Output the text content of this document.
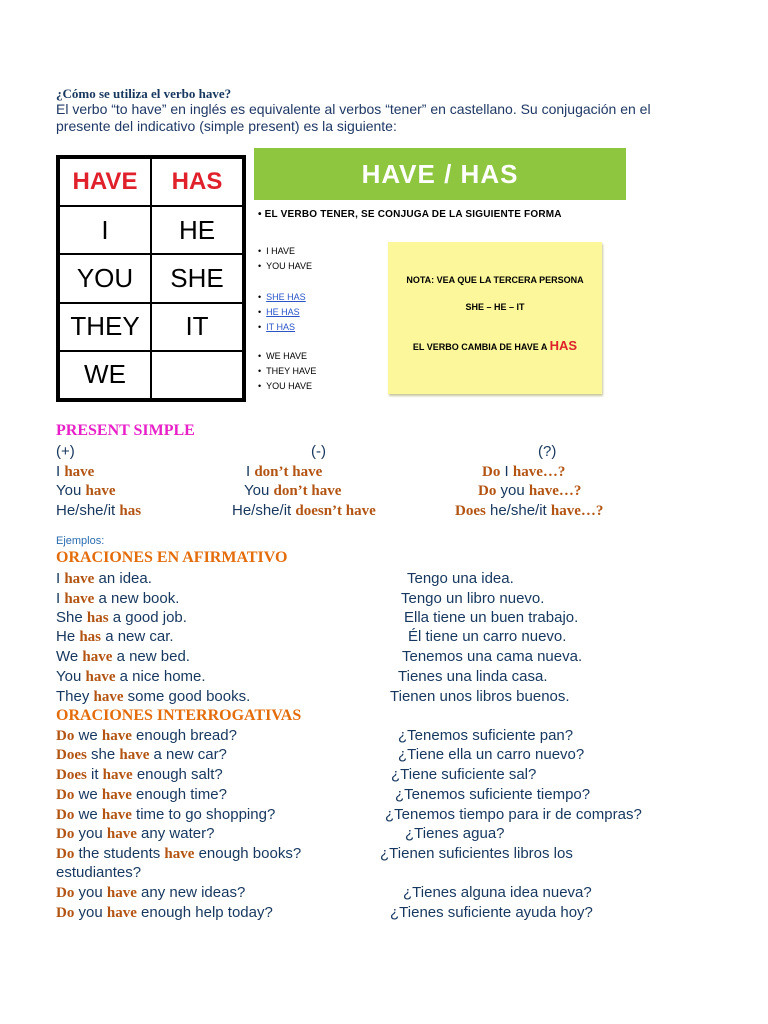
¿Cómo se utiliza el verbo have?
El verbo “to have” en inglés es equivalente al verbos “tener” en castellano. Su conjugación en el
presente del indicativo (simple present) es la siguiente:
HAVE	HAS
I	HE
YOU	SHE
THEY	IT
WE
HAVE / HAS
• EL VERBO TENER, SE CONJUGA DE LA SIGUIENTE FORMA
• I HAVE
• YOU HAVE
• SHE HAS
• HE HAS
• IT HAS
• WE HAVE
• THEY HAVE
• YOU HAVE
NOTA: VEA QUE LA TERCERA PERSONA
SHE – HE – IT
EL VERBO CAMBIA DE HAVE A HAS
PRESENT SIMPLE
(+)	(-)	(?)
I have	I don’t have	Do I have…?
You have	You don’t have	Do you have…?
He/she/it has	He/she/it doesn’t have	Does he/she/it have…?
Ejemplos:
ORACIONES EN AFIRMATIVO
I have an idea.	Tengo una idea.
I have a new book.	Tengo un libro nuevo.
She has a good job.	Ella tiene un buen trabajo.
He has a new car.	Él tiene un carro nuevo.
We have a new bed.	Tenemos una cama nueva.
You have a nice home.	Tienes una linda casa.
They have some good books.	Tienen unos libros buenos.
ORACIONES INTERROGATIVAS
Do we have enough bread?	¿Tenemos suficiente pan?
Does she have a new car?	¿Tiene ella un carro nuevo?
Does it have enough salt?	¿Tiene suficiente sal?
Do we have enough time?	¿Tenemos suficiente tiempo?
Do we have time to go shopping?	¿Tenemos tiempo para ir de compras?
Do you have any water?	¿Tienes agua?
Do the students have enough books?	¿Tienen suficientes libros los
estudiantes?
Do you have any new ideas?	¿Tienes alguna idea nueva?
Do you have enough help today?	¿Tienes suficiente ayuda hoy?
